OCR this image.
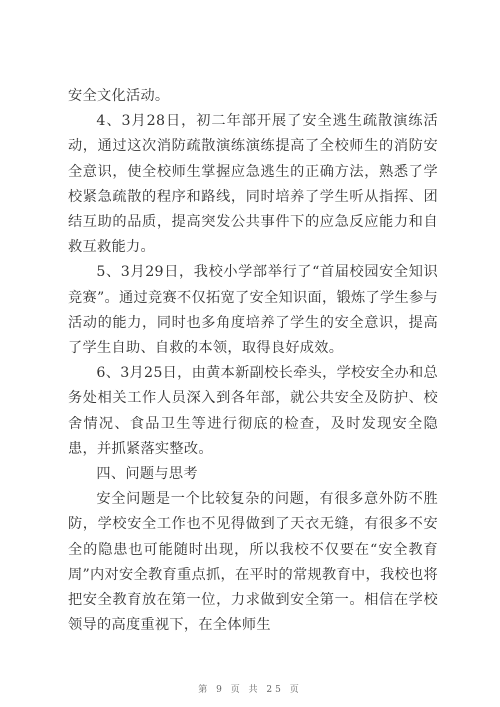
安全文化活动。

4、3月28日，初二年部开展了安全逃生疏散演练活动，通过这次消防疏散演练演练提高了全校师生的消防安全意识，使全校师生掌握应急逃生的正确方法，熟悉了学校紧急疏散的程序和路线，同时培养了学生听从指挥、团结互助的品质，提高突发公共事件下的应急反应能力和自救互救能力。

5、3月29日，我校小学部举行了“首届校园安全知识竞赛”。通过竞赛不仅拓宽了安全知识面，锻炼了学生参与活动的能力，同时也多角度培养了学生的安全意识，提高了学生自助、自救的本领，取得良好成效。

6、3月25日，由黄本新副校长牵头，学校安全办和总务处相关工作人员深入到各年部，就公共安全及防护、校舍情况、食品卫生等进行彻底的检查，及时发现安全隐患，并抓紧落实整改。

四、问题与思考

安全问题是一个比较复杂的问题，有很多意外防不胜防，学校安全工作也不见得做到了天衣无缝，有很多不安全的隐患也可能随时出现，所以我校不仅要在“安全教育周”内对安全教育重点抓，在平时的常规教育中，我校也将把安全教育放在第一位，力求做到安全第一。相信在学校领导的高度重视下，在全体师生

第 9 页 共 25 页
